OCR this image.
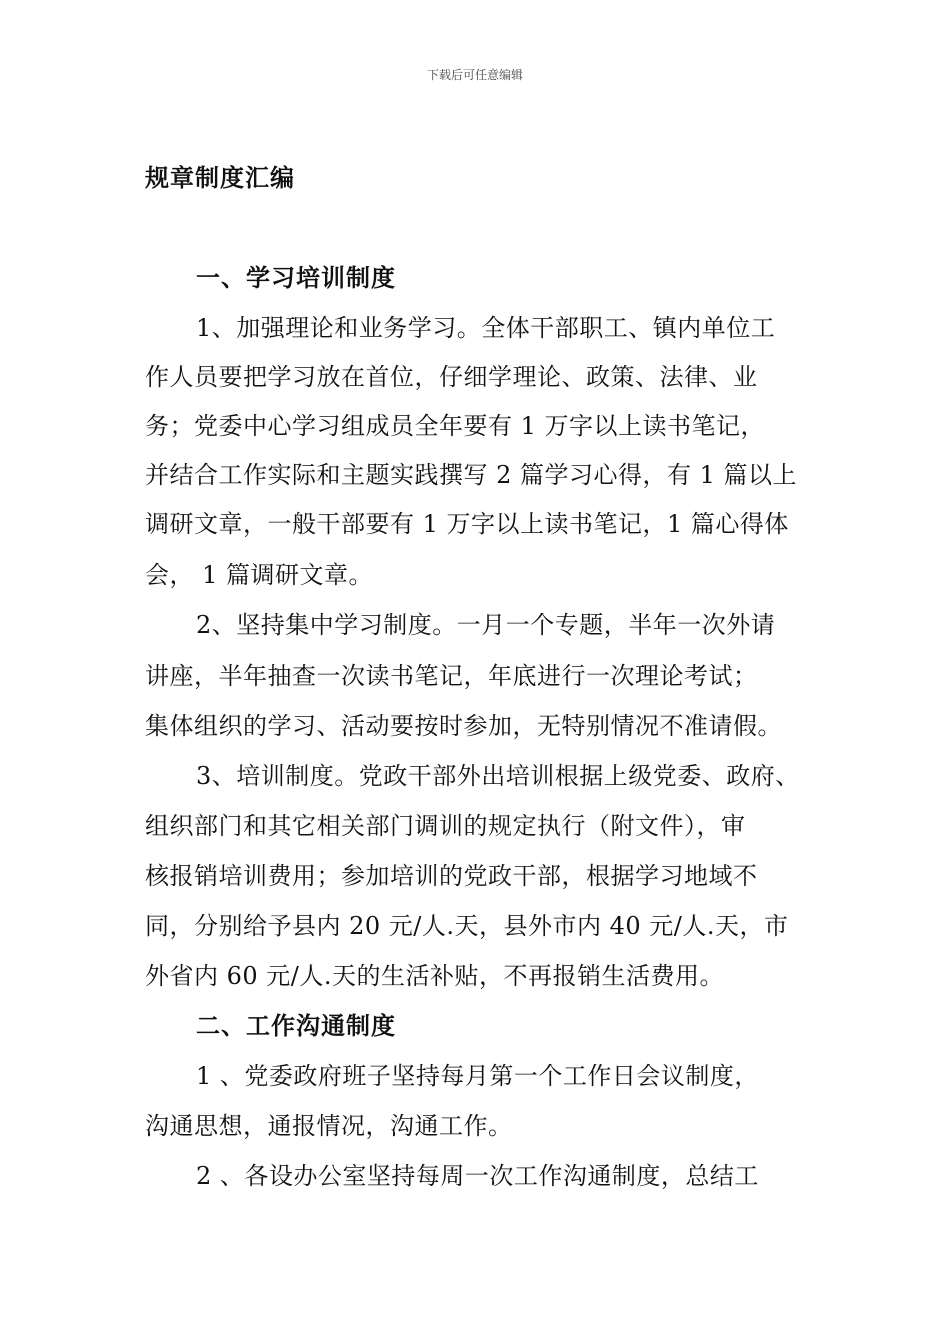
下载后可任意编辑
规章制度汇编
一、学习培训制度
1、加强理论和业务学习。全体干部职工、镇内单位工
作人员要把学习放在首位，仔细学理论、政策、法律、业
务；党委中心学习组成员全年要有 1 万字以上读书笔记，
并结合工作实际和主题实践撰写 2 篇学习心得，有 1 篇以上
调研文章，一般干部要有 1 万字以上读书笔记，1 篇心得体
会， 1 篇调研文章。
2、坚持集中学习制度。一月一个专题，半年一次外请
讲座，半年抽查一次读书笔记，年底进行一次理论考试；
集体组织的学习、活动要按时参加，无特别情况不准请假。
3、培训制度。党政干部外出培训根据上级党委、政府、
组织部门和其它相关部门调训的规定执行（附文件），审
核报销培训费用；参加培训的党政干部，根据学习地域不
同，分别给予县内 20 元/人.天，县外市内 40 元/人.天，市
外省内 60 元/人.天的生活补贴，不再报销生活费用。
二、工作沟通制度
1 、党委政府班子坚持每月第一个工作日会议制度，
沟通思想，通报情况，沟通工作。
2 、各设办公室坚持每周一次工作沟通制度，总结工
